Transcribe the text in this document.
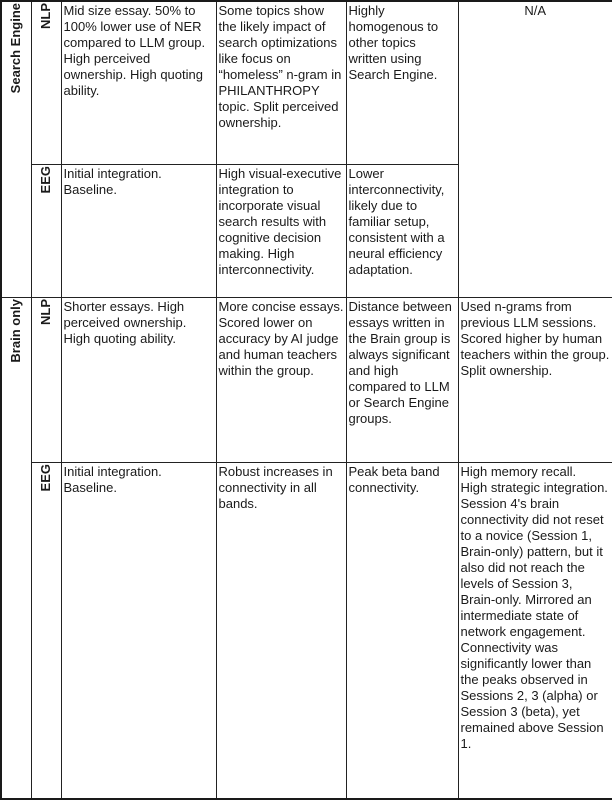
Search Engine	NLP	Mid size essay. 50% to 100% lower use of NER compared to LLM group. High perceived ownership. High quoting ability.	Some topics show the likely impact of search optimizations like focus on “homeless” n-gram in PHILANTHROPY topic. Split perceived ownership.	Highly homogenous to other topics written using Search Engine.	N/A
	EEG	Initial integration. Baseline.	High visual-executive integration to incorporate visual search results with cognitive decision making. High interconnectivity.	Lower interconnectivity, likely due to familiar setup, consistent with a neural efficiency adaptation.	

Brain only	NLP	Shorter essays. High perceived ownership. High quoting ability.	More concise essays. Scored lower on accuracy by AI judge and human teachers within the group.	Distance between essays written in the Brain group is always significant and high compared to LLM or Search Engine groups.	Used n-grams from previous LLM sessions. Scored higher by human teachers within the group. Split ownership.

	EEG	Initial integration. Baseline.	Robust increases in connectivity in all bands.	Peak beta band connectivity.	High memory recall.
High strategic integration.
Session 4's brain connectivity did not reset to a novice (Session 1, Brain-only) pattern, but it also did not reach the levels of Session 3, Brain-only. Mirrored an intermediate state of network engagement.
Connectivity was significantly lower than the peaks observed in Sessions 2, 3 (alpha) or Session 3 (beta), yet remained above Session 1.
